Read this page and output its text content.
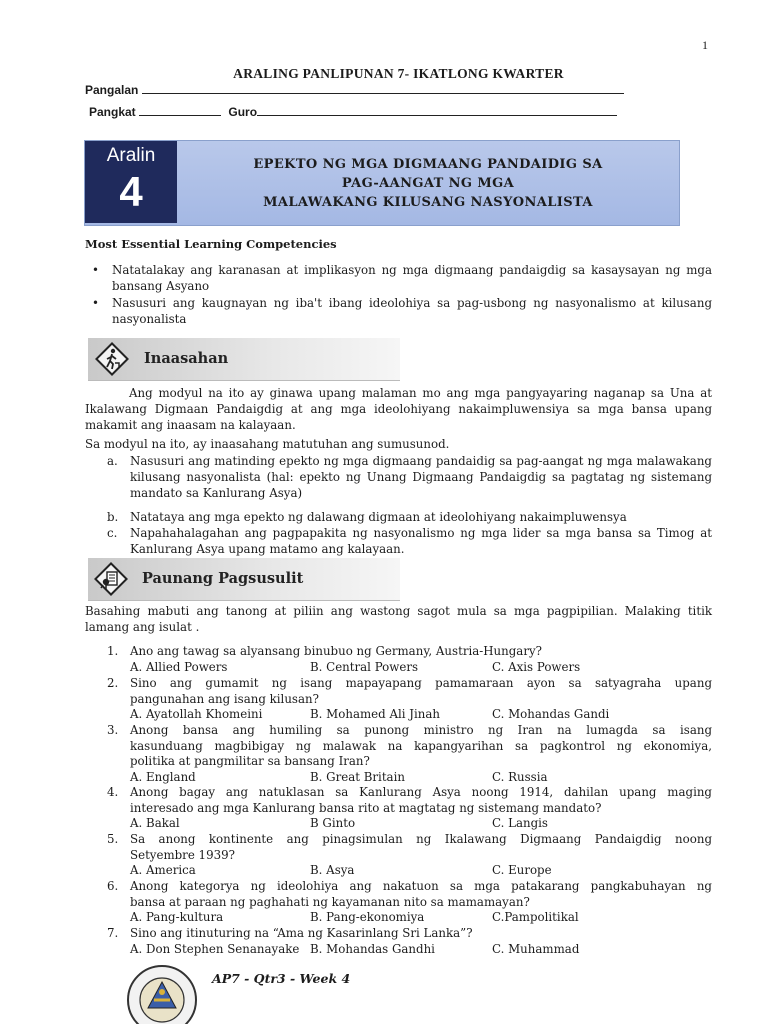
1
ARALING PANLIPUNAN 7- IKATLONG KWARTER
Pangalan
Pangkat	Guro
Aralin
4
EPEKTO NG MGA DIGMAANG PANDAIDIG SA
PAG-AANGAT NG MGA
MALAWAKANG KILUSANG NASYONALISTA
Most Essential Learning Competencies
• Natatalakay ang karanasan at implikasyon ng mga digmaang pandaigdig sa kasaysayan ng mga bansang Asyano
• Nasusuri ang kaugnayan ng iba't ibang ideolohiya sa pag-usbong ng nasyonalismo at kilusang nasyonalista
Inaasahan
Ang modyul na ito ay ginawa upang malaman mo ang mga pangyayaring naganap sa Una at Ikalawang Digmaan Pandaigdig at ang mga ideolohiyang nakaimpluwensiya sa mga bansa upang makamit ang inaasam na kalayaan.
Sa modyul na ito, ay inaasahang matutuhan ang sumusunod.
a. Nasusuri ang matinding epekto ng mga digmaang pandaidig sa pag-aangat ng mga malawakang kilusang nasyonalista (hal: epekto ng Unang Digmaang Pandaigdig sa pagtatag ng sistemang mandato sa Kanlurang Asya)
b. Natataya ang mga epekto ng dalawang digmaan at ideolohiyang nakaimpluwensya
c. Napahahalagahan ang pagpapakita ng nasyonalismo ng mga lider sa mga bansa sa Timog at Kanlurang Asya upang matamo ang kalayaan.
Paunang Pagsusulit
Basahing mabuti ang tanong at piliin ang wastong sagot mula sa mga pagpipilian. Malaking titik lamang ang isulat .
1. Ano ang tawag sa alyansang binubuo ng Germany, Austria-Hungary?
A. Allied Powers	B. Central Powers	C. Axis Powers
2. Sino ang gumamit ng isang mapayapang pamamaraan ayon sa satyagraha upang
pangunahan ang isang kilusan?
A. Ayatollah Khomeini	B. Mohamed Ali Jinah	C. Mohandas Gandi
3. Anong bansa ang humiling sa punong ministro ng Iran na lumagda sa isang
kasunduang magbibigay ng malawak na kapangyarihan sa pagkontrol ng ekonomiya,
politika at pangmilitar sa bansang Iran?
A. England	B. Great Britain	C. Russia
4. Anong bagay ang natuklasan sa Kanlurang Asya noong 1914, dahilan upang maging
interesado ang mga Kanlurang bansa rito at magtatag ng sistemang mandato?
A. Bakal	B Ginto	C. Langis
5. Sa anong kontinente ang pinagsimulan ng Ikalawang Digmaang Pandaigdig noong
Setyembre 1939?
A. America	B. Asya	C. Europe
6. Anong kategorya ng ideolohiya ang nakatuon sa mga patakarang pangkabuhayan ng
bansa at paraan ng paghahati ng kayamanan nito sa mamamayan?
A. Pang-kultura	B. Pang-ekonomiya	C.Pampolitikal
7. Sino ang itinuturing na “Ama ng Kasarinlang Sri Lanka”?
A. Don Stephen Senanayake B. Mohandas Gandhi	C. Muhammad
AP7 - Qtr3 - Week 4
